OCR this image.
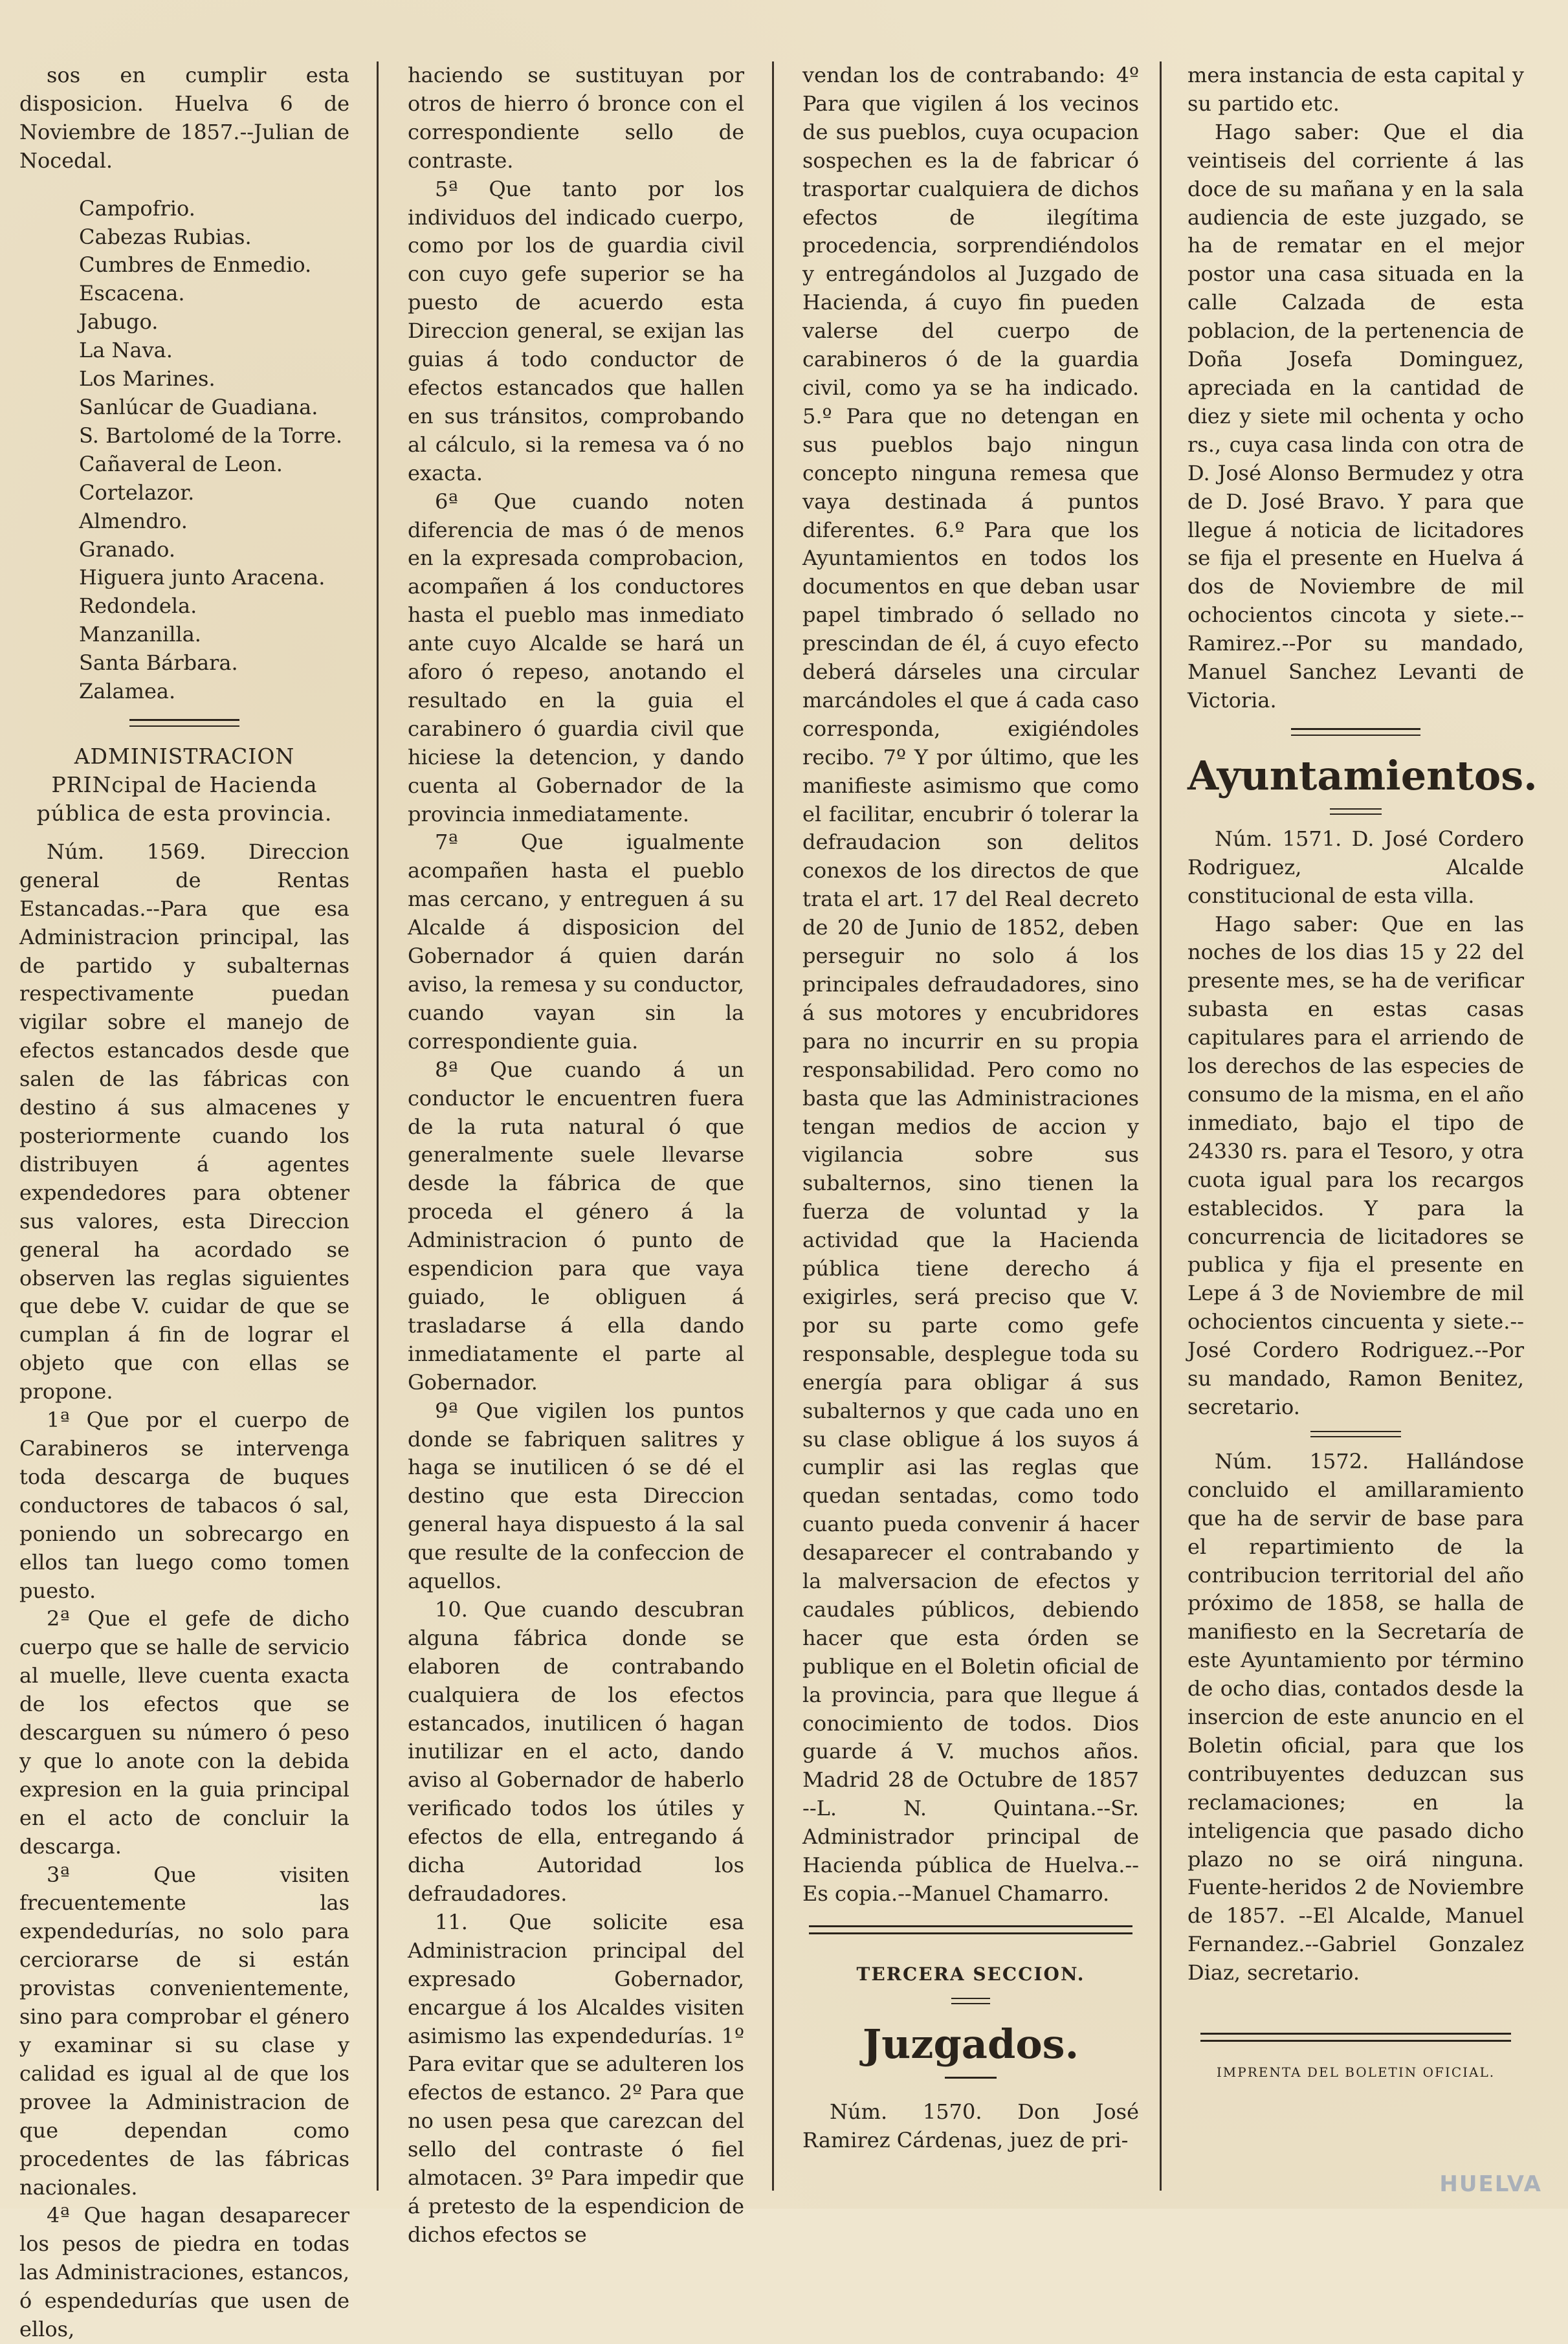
sos en cumplir esta disposicion. Huelva 6 de Noviembre de 1857.--Julian de Nocedal.

Campofrio.
Cabezas Rubias.
Cumbres de Enmedio.
Escacena.
Jabugo.
La Nava.
Los Marines.
Sanlúcar de Guadiana.
S. Bartolomé de la Torre.
Cañaveral de Leon.
Cortelazor.
Almendro.
Granado.
Higuera junto Aracena.
Redondela.
Manzanilla.
Santa Bárbara.
Zalamea.
ADMINISTRACION PRINcipal de Hacienda pública de esta provincia.

Núm. 1569. Direccion general de Rentas Estancadas.--Para que esa Administracion principal, las de partido y subalternas respectivamente puedan vigilar sobre el manejo de efectos estancados desde que salen de las fábricas con destino á sus almacenes y posteriormente cuando los distribuyen á agentes expendedores para obtener sus valores, esta Direccion general ha acordado se observen las reglas siguientes que debe V. cuidar de que se cumplan á fin de lograr el objeto que con ellas se propone.

1ª Que por el cuerpo de Carabineros se intervenga toda descarga de buques conductores de tabacos ó sal, poniendo un sobrecargo en ellos tan luego como tomen puesto.

2ª Que el gefe de dicho cuerpo que se halle de servicio al muelle, lleve cuenta exacta de los efectos que se descarguen su número ó peso y que lo anote con la debida expresion en la guia principal en el acto de concluir la descarga.

3ª Que visiten frecuentemente las expendedurías, no solo para cerciorarse de si están provistas convenientemente, sino para comprobar el género y examinar si su clase y calidad es igual al de que los provee la Administracion de que dependan como procedentes de las fábricas nacionales.

4ª Que hagan desaparecer los pesos de piedra en todas las Administraciones, estancos, ó espendedurías que usen de ellos,

haciendo se sustituyan por otros de hierro ó bronce con el correspondiente sello de contraste.

5ª Que tanto por los individuos del indicado cuerpo, como por los de guardia civil con cuyo gefe superior se ha puesto de acuerdo esta Direccion general, se exijan las guias á todo conductor de efectos estancados que hallen en sus tránsitos, comprobando al cálculo, si la remesa va ó no exacta.

6ª Que cuando noten diferencia de mas ó de menos en la expresada comprobacion, acompañen á los conductores hasta el pueblo mas inmediato ante cuyo Alcalde se hará un aforo ó repeso, anotando el resultado en la guia el carabinero ó guardia civil que hiciese la detencion, y dando cuenta al Gobernador de la provincia inmediatamente.

7ª Que igualmente acompañen hasta el pueblo mas cercano, y entreguen á su Alcalde á disposicion del Gobernador á quien darán aviso, la remesa y su conductor, cuando vayan sin la correspondiente guia.

8ª Que cuando á un conductor le encuentren fuera de la ruta natural ó que generalmente suele llevarse desde la fábrica de que proceda el género á la Administracion ó punto de espendicion para que vaya guiado, le obliguen á trasladarse á ella dando inmediatamente el parte al Gobernador.

9ª Que vigilen los puntos donde se fabriquen salitres y haga se inutilicen ó se dé el destino que esta Direccion general haya dispuesto á la sal que resulte de la confeccion de aquellos.

10. Que cuando descubran alguna fábrica donde se elaboren de contrabando cualquiera de los efectos estancados, inutilicen ó hagan inutilizar en el acto, dando aviso al Gobernador de haberlo verificado todos los útiles y efectos de ella, entregando á dicha Autoridad los defraudadores.

11. Que solicite esa Administracion principal del expresado Gobernador, encargue á los Alcaldes visiten asimismo las expendedurías. 1º Para evitar que se adulteren los efectos de estanco. 2º Para que no usen pesa que carezcan del sello del contraste ó fiel almotacen. 3º Para impedir que á pretesto de la espendicion de dichos efectos se

vendan los de contrabando: 4º Para que vigilen á los vecinos de sus pueblos, cuya ocupacion sospechen es la de fabricar ó trasportar cualquiera de dichos efectos de ilegítima procedencia, sorprendiéndolos y entregándolos al Juzgado de Hacienda, á cuyo fin pueden valerse del cuerpo de carabineros ó de la guardia civil, como ya se ha indicado. 5.º Para que no detengan en sus pueblos bajo ningun concepto ninguna remesa que vaya destinada á puntos diferentes. 6.º Para que los Ayuntamientos en todos los documentos en que deban usar papel timbrado ó sellado no prescindan de él, á cuyo efecto deberá dárseles una circular marcándoles el que á cada caso corresponda, exigiéndoles recibo. 7º Y por último, que les manifieste asimismo que como el facilitar, encubrir ó tolerar la defraudacion son delitos conexos de los directos de que trata el art. 17 del Real decreto de 20 de Junio de 1852, deben perseguir no solo á los principales defraudadores, sino á sus motores y encubridores para no incurrir en su propia responsabilidad. Pero como no basta que las Administraciones tengan medios de accion y vigilancia sobre sus subalternos, sino tienen la fuerza de voluntad y la actividad que la Hacienda pública tiene derecho á exigirles, será preciso que V. por su parte como gefe responsable, desplegue toda su energía para obligar á sus subalternos y que cada uno en su clase obligue á los suyos á cumplir asi las reglas que quedan sentadas, como todo cuanto pueda convenir á hacer desaparecer el contrabando y la malversacion de efectos y caudales públicos, debiendo hacer que esta órden se publique en el Boletin oficial de la provincia, para que llegue á conocimiento de todos. Dios guarde á V. muchos años. Madrid 28 de Octubre de 1857 --L. N. Quintana.--Sr. Administrador principal de Hacienda pública de Huelva.--Es copia.--Manuel Chamarro.

TERCERA SECCION.
Juzgados.

Núm. 1570. Don José Ramirez Cárdenas, juez de pri-

mera instancia de esta capital y su partido etc.

Hago saber: Que el dia veintiseis del corriente á las doce de su mañana y en la sala audiencia de este juzgado, se ha de rematar en el mejor postor una casa situada en la calle Calzada de esta poblacion, de la pertenencia de Doña Josefa Dominguez, apreciada en la cantidad de diez y siete mil ochenta y ocho rs., cuya casa linda con otra de D. José Alonso Bermudez y otra de D. José Bravo. Y para que llegue á noticia de licitadores se fija el presente en Huelva á dos de Noviembre de mil ochocientos cincota y siete.--Ramirez.--Por su mandado, Manuel Sanchez Levanti de Victoria.

Ayuntamientos.

Núm. 1571. D. José Cordero Rodriguez, Alcalde constitucional de esta villa.

Hago saber: Que en las noches de los dias 15 y 22 del presente mes, se ha de verificar subasta en estas casas capitulares para el arriendo de los derechos de las especies de consumo de la misma, en el año inmediato, bajo el tipo de 24330 rs. para el Tesoro, y otra cuota igual para los recargos establecidos. Y para la concurrencia de licitadores se publica y fija el presente en Lepe á 3 de Noviembre de mil ochocientos cincuenta y siete.--José Cordero Rodriguez.--Por su mandado, Ramon Benitez, secretario.

Núm. 1572. Hallándose concluido el amillaramiento que ha de servir de base para el repartimiento de la contribucion territorial del año próximo de 1858, se halla de manifiesto en la Secretaría de este Ayuntamiento por término de ocho dias, contados desde la insercion de este anuncio en el Boletin oficial, para que los contribuyentes deduzcan sus reclamaciones; en la inteligencia que pasado dicho plazo no se oirá ninguna. Fuente-heridos 2 de Noviembre de 1857. --El Alcalde, Manuel Fernandez.--Gabriel Gonzalez Diaz, secretario.

IMPRENTA DEL BOLETIN OFICIAL.
HUELVA
